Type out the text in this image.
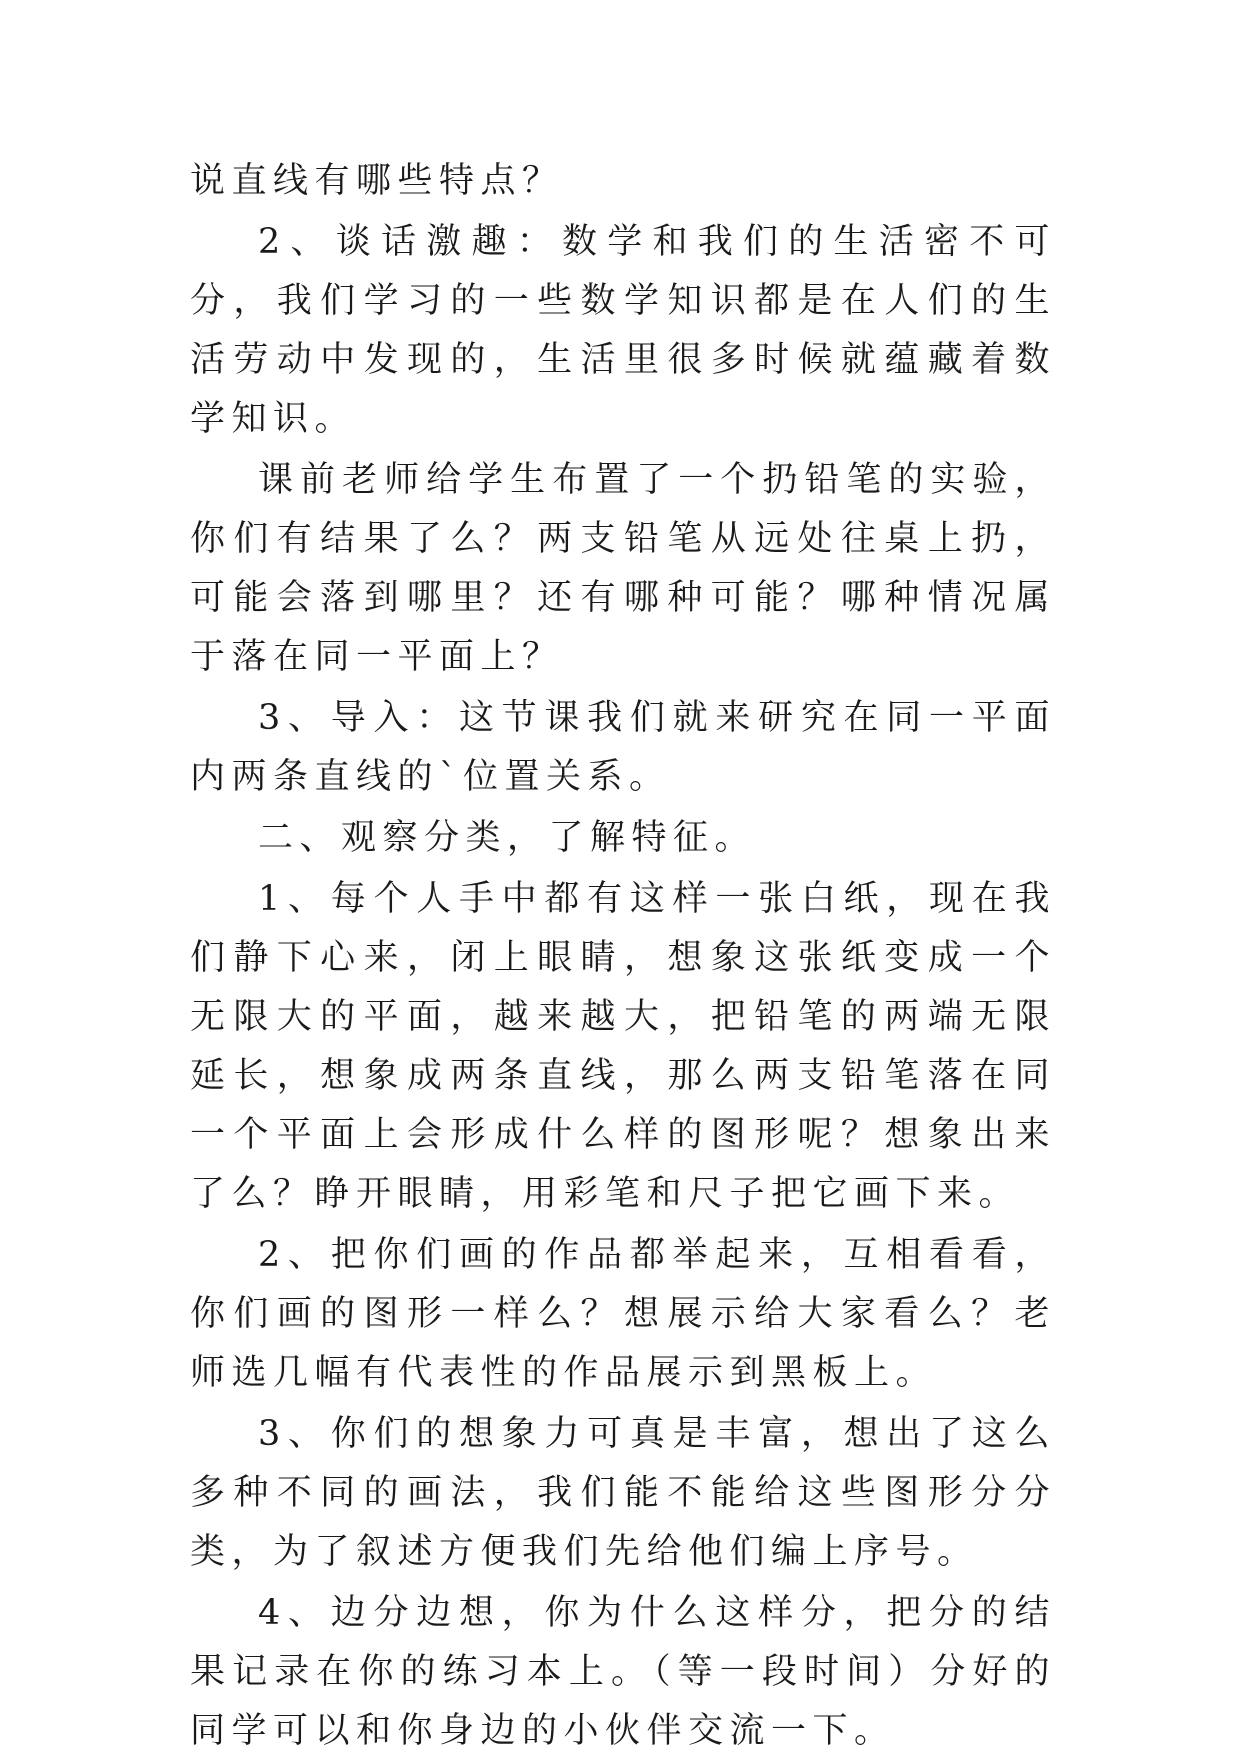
说直线有哪些特点？

2、谈话激趣：数学和我们的生活密不可分，我们学习的一些数学知识都是在人们的生活劳动中发现的，生活里很多时候就蕴藏着数学知识。

课前老师给学生布置了一个扔铅笔的实验，你们有结果了么？两支铅笔从远处往桌上扔，可能会落到哪里？还有哪种可能？哪种情况属于落在同一平面上？

3、导入：这节课我们就来研究在同一平面内两条直线的`位置关系。

二、观察分类，了解特征。

1、每个人手中都有这样一张白纸，现在我们静下心来，闭上眼睛，想象这张纸变成一个无限大的平面，越来越大，把铅笔的两端无限延长，想象成两条直线，那么两支铅笔落在同一个平面上会形成什么样的图形呢？想象出来了么？睁开眼睛，用彩笔和尺子把它画下来。

2、把你们画的作品都举起来，互相看看，你们画的图形一样么？想展示给大家看么？老师选几幅有代表性的作品展示到黑板上。

3、你们的想象力可真是丰富，想出了这么多种不同的画法，我们能不能给这些图形分分类，为了叙述方便我们先给他们编上序号。

4、边分边想，你为什么这样分，把分的结果记录在你的练习本上。（等一段时间）分好的同学可以和你身边的小伙伴交流一下。
